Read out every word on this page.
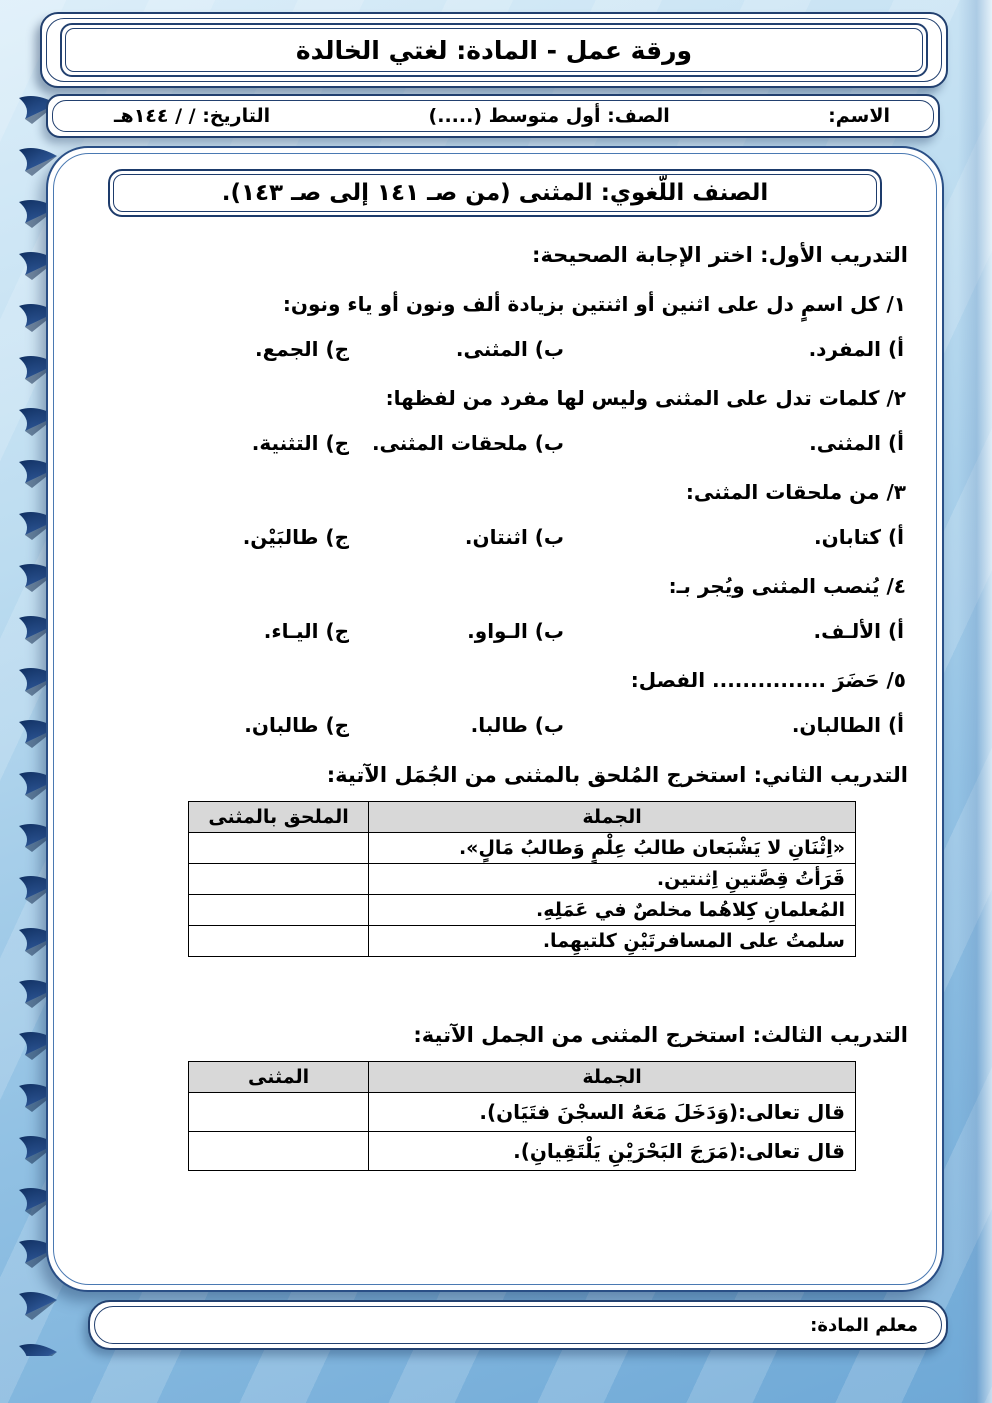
ورقة عمل - المادة: لغتي الخالدة
الاسم:
الصف: أول متوسط (.....)
التاريخ: / / ١٤٤هـ
الصنف اللّغوي: المثنى (من صـ ١٤١ إلى صـ ١٤٣).
التدريب الأول: اختر الإجابة الصحيحة:
١/ كل اسمٍ دل على اثنين أو اثنتين بزيادة ألف ونون أو ياء ونون:
أ) المفرد.
ب) المثنى.
ج) الجمع.
٢/ كلمات تدل على المثنى وليس لها مفرد من لفظها:
أ) المثنى.
ب) ملحقات المثنى.
ج) التثنية.
٣/ من ملحقات المثنى:
أ) كتابان.
ب) اثنتان.
ج) طالبَيْن.
٤/ يُنصب المثنى ويُجر بـ:
أ) الألـف.
ب) الـواو.
ج) اليـاء.
٥/ حَضَرَ ............... الفصل:
أ) الطالبان.
ب) طالبا.
ج) طالبان.
التدريب الثاني: استخرج المُلحق بالمثنى من الجُمَل الآتية:
الجملة	الملحق بالمثنى
«اِثْنَانِ لا يَشْبَعان طالبُ عِلْمٍ وَطالبُ مَالٍ».	
قَرَأتُ قِصَّتينِ اِثنتين.	
المُعلمانِ كِلاهُما مخلصٌ في عَمَلِهِ.	
سلمتُ على المسافرتَيْنِ كلتيهِما.	
التدريب الثالث: استخرج المثنى من الجمل الآتية:
الجملة	المثنى
قال تعالى:(وَدَخَلَ مَعَهُ السجْنَ فتَيَان).	
قال تعالى:(مَرَجَ البَحْرَيْنِ يَلْتَقِيانِ).	
معلم المادة:
